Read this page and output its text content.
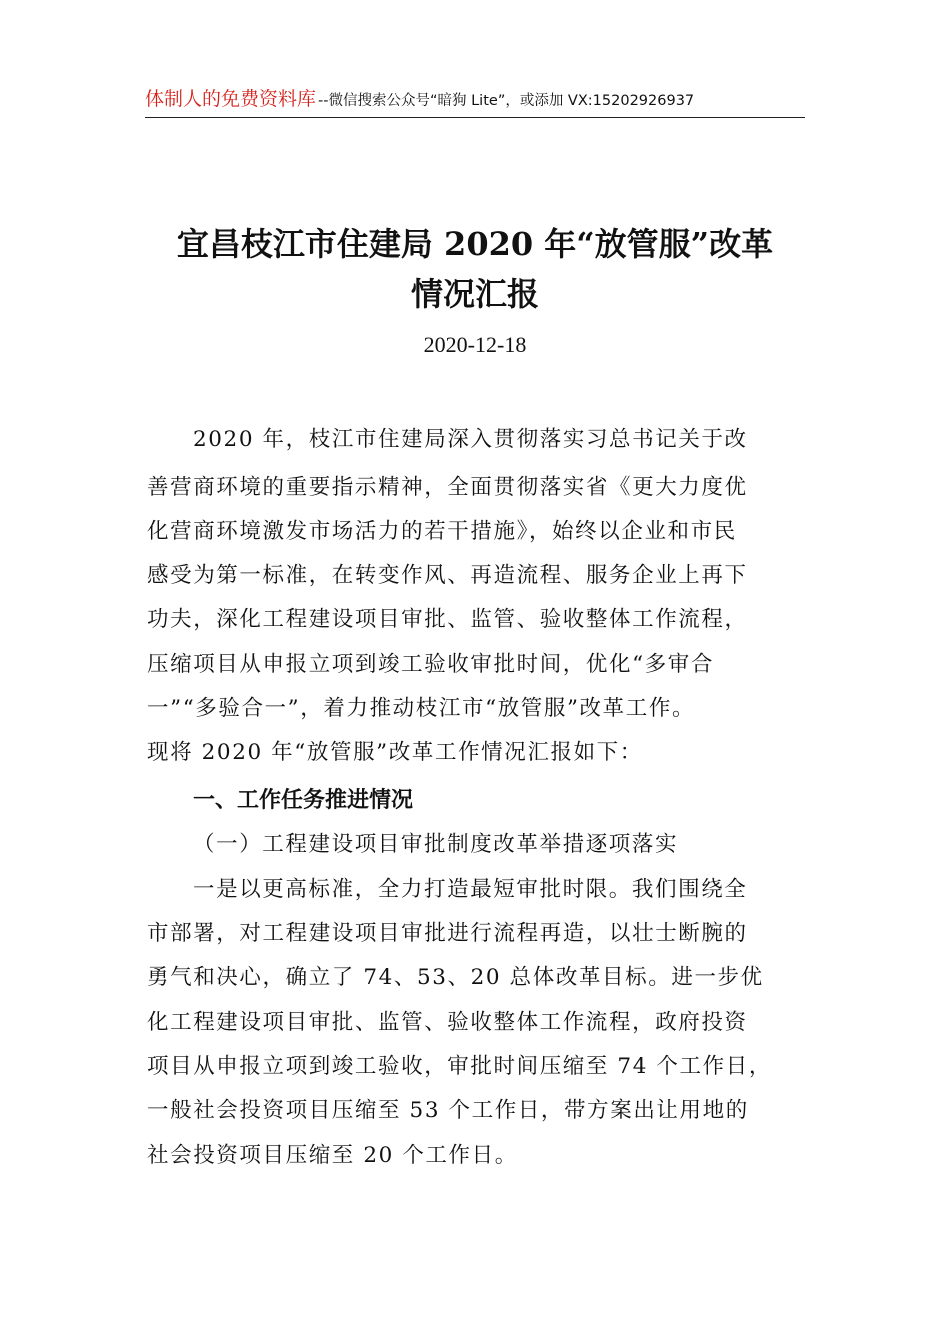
体制人的免费资料库 --微信搜索公众号“暗狗 Lite”，或添加 VX:15202926937
宜昌枝江市住建局 2020 年“放管服”改革
情况汇报
2020-12-18
2020 年，枝江市住建局深入贯彻落实习总书记关于改
善营商环境的重要指示精神，全面贯彻落实省《更大力度优
化营商环境激发市场活力的若干措施》，始终以企业和市民
感受为第一标准，在转变作风、再造流程、服务企业上再下
功夫，深化工程建设项目审批、监管、验收整体工作流程，
压缩项目从申报立项到竣工验收审批时间，优化“多审合
一”“多验合一”，着力推动枝江市“放管服”改革工作。
现将 2020 年“放管服”改革工作情况汇报如下：
一、工作任务推进情况
（一）工程建设项目审批制度改革举措逐项落实
一是以更高标准，全力打造最短审批时限。我们围绕全
市部署，对工程建设项目审批进行流程再造，以壮士断腕的
勇气和决心，确立了 74、53、20 总体改革目标。进一步优
化工程建设项目审批、监管、验收整体工作流程，政府投资
项目从申报立项到竣工验收，审批时间压缩至 74 个工作日，
一般社会投资项目压缩至 53 个工作日，带方案出让用地的
社会投资项目压缩至 20 个工作日。
